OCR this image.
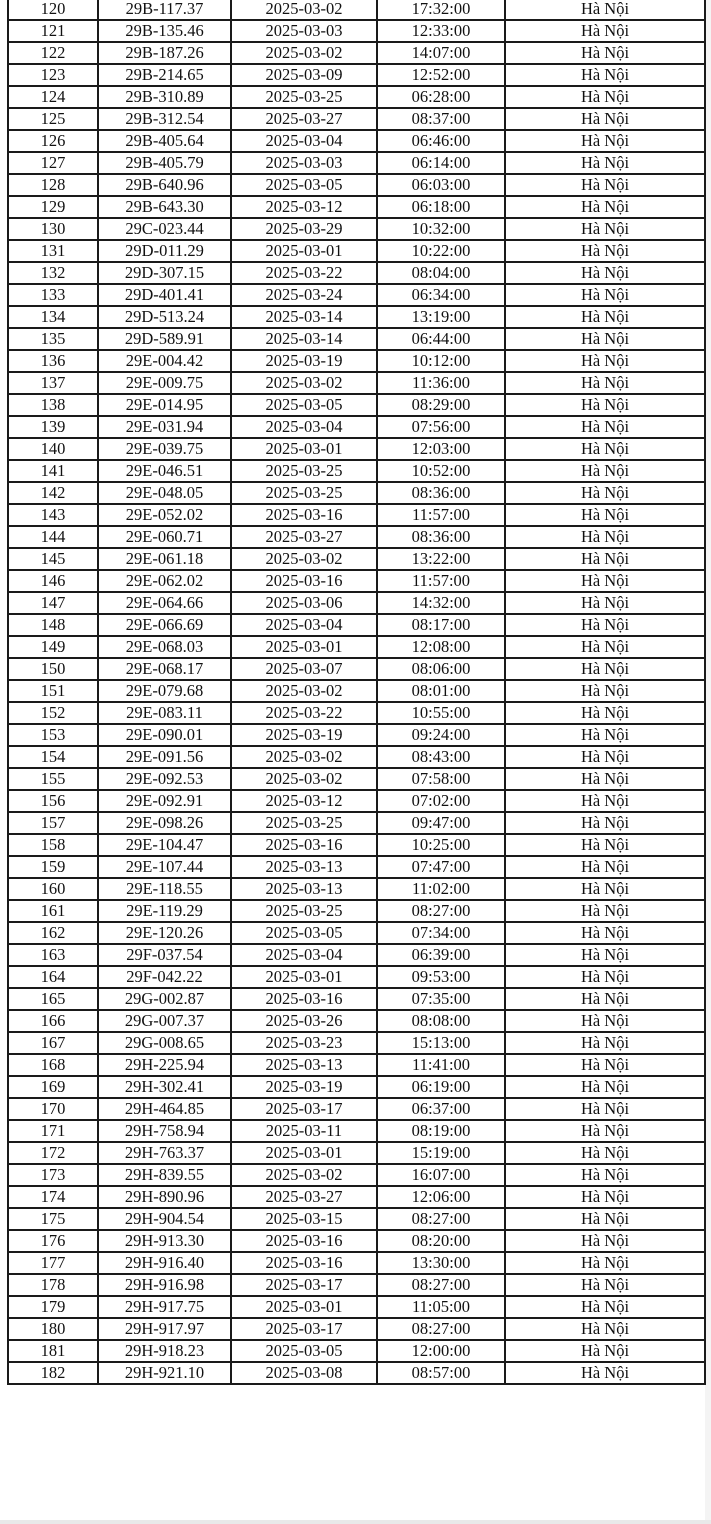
120	29B-117.37	2025-03-02	17:32:00	Hà Nội
121	29B-135.46	2025-03-03	12:33:00	Hà Nội
122	29B-187.26	2025-03-02	14:07:00	Hà Nội
123	29B-214.65	2025-03-09	12:52:00	Hà Nội
124	29B-310.89	2025-03-25	06:28:00	Hà Nội
125	29B-312.54	2025-03-27	08:37:00	Hà Nội
126	29B-405.64	2025-03-04	06:46:00	Hà Nội
127	29B-405.79	2025-03-03	06:14:00	Hà Nội
128	29B-640.96	2025-03-05	06:03:00	Hà Nội
129	29B-643.30	2025-03-12	06:18:00	Hà Nội
130	29C-023.44	2025-03-29	10:32:00	Hà Nội
131	29D-011.29	2025-03-01	10:22:00	Hà Nội
132	29D-307.15	2025-03-22	08:04:00	Hà Nội
133	29D-401.41	2025-03-24	06:34:00	Hà Nội
134	29D-513.24	2025-03-14	13:19:00	Hà Nội
135	29D-589.91	2025-03-14	06:44:00	Hà Nội
136	29E-004.42	2025-03-19	10:12:00	Hà Nội
137	29E-009.75	2025-03-02	11:36:00	Hà Nội
138	29E-014.95	2025-03-05	08:29:00	Hà Nội
139	29E-031.94	2025-03-04	07:56:00	Hà Nội
140	29E-039.75	2025-03-01	12:03:00	Hà Nội
141	29E-046.51	2025-03-25	10:52:00	Hà Nội
142	29E-048.05	2025-03-25	08:36:00	Hà Nội
143	29E-052.02	2025-03-16	11:57:00	Hà Nội
144	29E-060.71	2025-03-27	08:36:00	Hà Nội
145	29E-061.18	2025-03-02	13:22:00	Hà Nội
146	29E-062.02	2025-03-16	11:57:00	Hà Nội
147	29E-064.66	2025-03-06	14:32:00	Hà Nội
148	29E-066.69	2025-03-04	08:17:00	Hà Nội
149	29E-068.03	2025-03-01	12:08:00	Hà Nội
150	29E-068.17	2025-03-07	08:06:00	Hà Nội
151	29E-079.68	2025-03-02	08:01:00	Hà Nội
152	29E-083.11	2025-03-22	10:55:00	Hà Nội
153	29E-090.01	2025-03-19	09:24:00	Hà Nội
154	29E-091.56	2025-03-02	08:43:00	Hà Nội
155	29E-092.53	2025-03-02	07:58:00	Hà Nội
156	29E-092.91	2025-03-12	07:02:00	Hà Nội
157	29E-098.26	2025-03-25	09:47:00	Hà Nội
158	29E-104.47	2025-03-16	10:25:00	Hà Nội
159	29E-107.44	2025-03-13	07:47:00	Hà Nội
160	29E-118.55	2025-03-13	11:02:00	Hà Nội
161	29E-119.29	2025-03-25	08:27:00	Hà Nội
162	29E-120.26	2025-03-05	07:34:00	Hà Nội
163	29F-037.54	2025-03-04	06:39:00	Hà Nội
164	29F-042.22	2025-03-01	09:53:00	Hà Nội
165	29G-002.87	2025-03-16	07:35:00	Hà Nội
166	29G-007.37	2025-03-26	08:08:00	Hà Nội
167	29G-008.65	2025-03-23	15:13:00	Hà Nội
168	29H-225.94	2025-03-13	11:41:00	Hà Nội
169	29H-302.41	2025-03-19	06:19:00	Hà Nội
170	29H-464.85	2025-03-17	06:37:00	Hà Nội
171	29H-758.94	2025-03-11	08:19:00	Hà Nội
172	29H-763.37	2025-03-01	15:19:00	Hà Nội
173	29H-839.55	2025-03-02	16:07:00	Hà Nội
174	29H-890.96	2025-03-27	12:06:00	Hà Nội
175	29H-904.54	2025-03-15	08:27:00	Hà Nội
176	29H-913.30	2025-03-16	08:20:00	Hà Nội
177	29H-916.40	2025-03-16	13:30:00	Hà Nội
178	29H-916.98	2025-03-17	08:27:00	Hà Nội
179	29H-917.75	2025-03-01	11:05:00	Hà Nội
180	29H-917.97	2025-03-17	08:27:00	Hà Nội
181	29H-918.23	2025-03-05	12:00:00	Hà Nội
182	29H-921.10	2025-03-08	08:57:00	Hà Nội
